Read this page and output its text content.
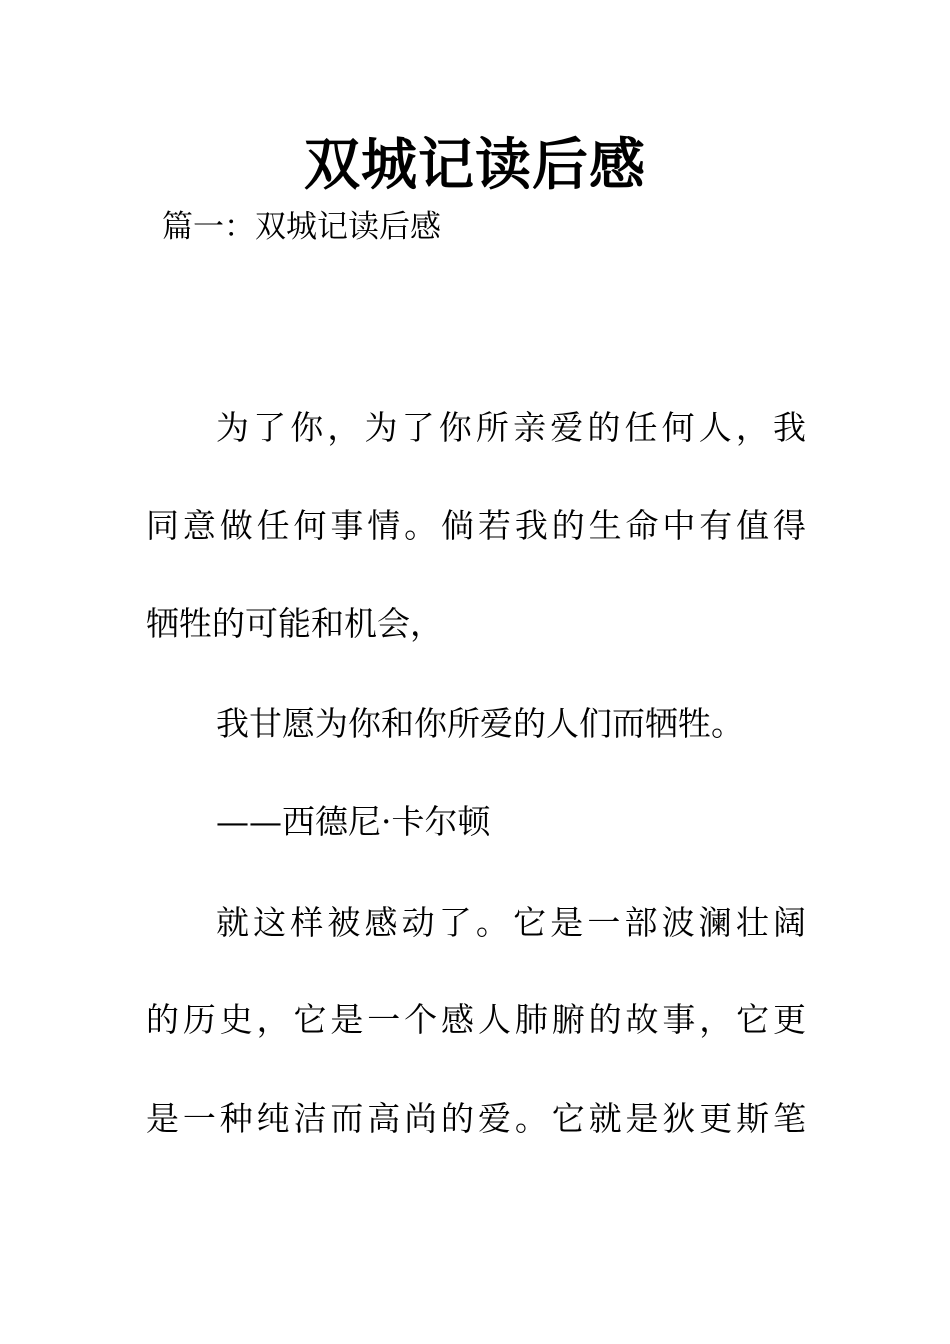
双城记读后感
篇一：双城记读后感
为了你，为了你所亲爱的任何人，我
同意做任何事情。倘若我的生命中有值得
牺牲的可能和机会，
我甘愿为你和你所爱的人们而牺牲。
——西德尼·卡尔顿
就这样被感动了。它是一部波澜壮阔
的历史，它是一个感人肺腑的故事，它更
是一种纯洁而高尚的爱。它就是狄更斯笔
